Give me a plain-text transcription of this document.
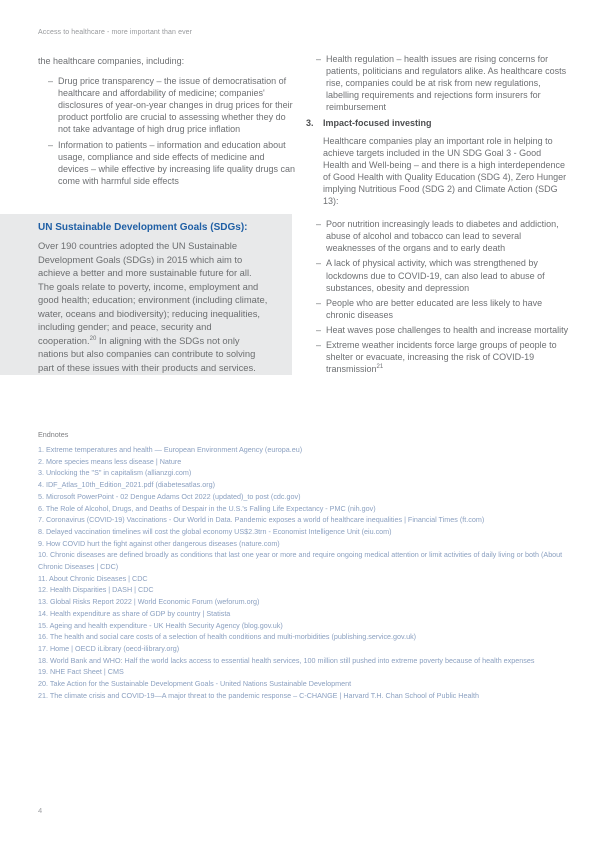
Access to healthcare - more important than ever

the healthcare companies, including:

– Drug price transparency – the issue of democratisation of healthcare and affordability of medicine; companies' disclosures of year-on-year changes in drug prices for their product portfolio are crucial to assessing whether they do not take advantage of high drug price inflation
– Information to patients – information and education about usage, compliance and side effects of medicine and devices – while effective by increasing life quality drugs can come with harmful side effects
UN Sustainable Development Goals (SDGs):

Over 190 countries adopted the UN Sustainable Development Goals (SDGs) in 2015 which aim to achieve a better and more sustainable future for all. The goals relate to poverty, income, employment and good health; education; environment (including climate, water, oceans and biodiversity); reducing inequalities, including gender; and peace, security and cooperation.$^{20}$ In aligning with the SDGs not only nations but also companies can contribute to solving part of these issues with their products and services.

– Health regulation – health issues are rising concerns for patients, politicians and regulators alike. As healthcare costs rise, companies could be at risk from new regulations, labelling requirements and rejections form insurers for reimbursement
3.	Impact-focused investing

Healthcare companies play an important role in helping to achieve targets included in the UN SDG Goal 3 - Good Health and Well-being – and there is a high interdependence of Good Health with Quality Education (SDG 4), Zero Hunger implying Nutritious Food (SDG 2) and Climate Action (SDG 13):

– Poor nutrition increasingly leads to diabetes and addiction, abuse of alcohol and tobacco can lead to several weaknesses of the organs and to early death
– A lack of physical activity, which was strengthened by lockdowns due to COVID-19, can also lead to abuse of substances, obesity and depression
– People who are better educated are less likely to have chronic diseases
– Heat waves pose challenges to health and increase mortality
– Extreme weather incidents force large groups of people to shelter or evacuate, increasing the risk of COVID-19 transmission$^{21}$
Endnotes
1. Extreme temperatures and health — European Environment Agency (europa.eu)
2. More species means less disease | Nature
3. Unlocking the "S" in capitalism (allianzgi.com)
4. IDF_Atlas_10th_Edition_2021.pdf (diabetesatlas.org)
5. Microsoft PowerPoint - 02 Dengue Adams Oct 2022 (updated)_to post (cdc.gov)
6. The Role of Alcohol, Drugs, and Deaths of Despair in the U.S.'s Falling Life Expectancy - PMC (nih.gov)
7. Coronavirus (COVID-19) Vaccinations - Our World in Data. Pandemic exposes a world of healthcare inequalities | Financial Times (ft.com)
8. Delayed vaccination timelines will cost the global economy US$2.3trn - Economist Intelligence Unit (eiu.com)
9. How COVID hurt the fight against other dangerous diseases (nature.com)
10. Chronic diseases are defined broadly as conditions that last one year or more and require ongoing medical attention or limit activities of daily living or both (About Chronic Diseases | CDC)
11. About Chronic Diseases | CDC
12. Health Disparities | DASH | CDC
13. Global Risks Report 2022 | World Economic Forum (weforum.org)
14. Health expenditure as share of GDP by country | Statista
15. Ageing and health expenditure - UK Health Security Agency (blog.gov.uk)
16. The health and social care costs of a selection of health conditions and multi-morbidities (publishing.service.gov.uk)
17. Home | OECD iLibrary (oecd-ilibrary.org)
18. World Bank and WHO: Half the world lacks access to essential health services, 100 million still pushed into extreme poverty because of health expenses
19. NHE Fact Sheet | CMS
20. Take Action for the Sustainable Development Goals - United Nations Sustainable Development
21. The climate crisis and COVID-19—A major threat to the pandemic response – C-CHANGE | Harvard T.H. Chan School of Public Health
4
